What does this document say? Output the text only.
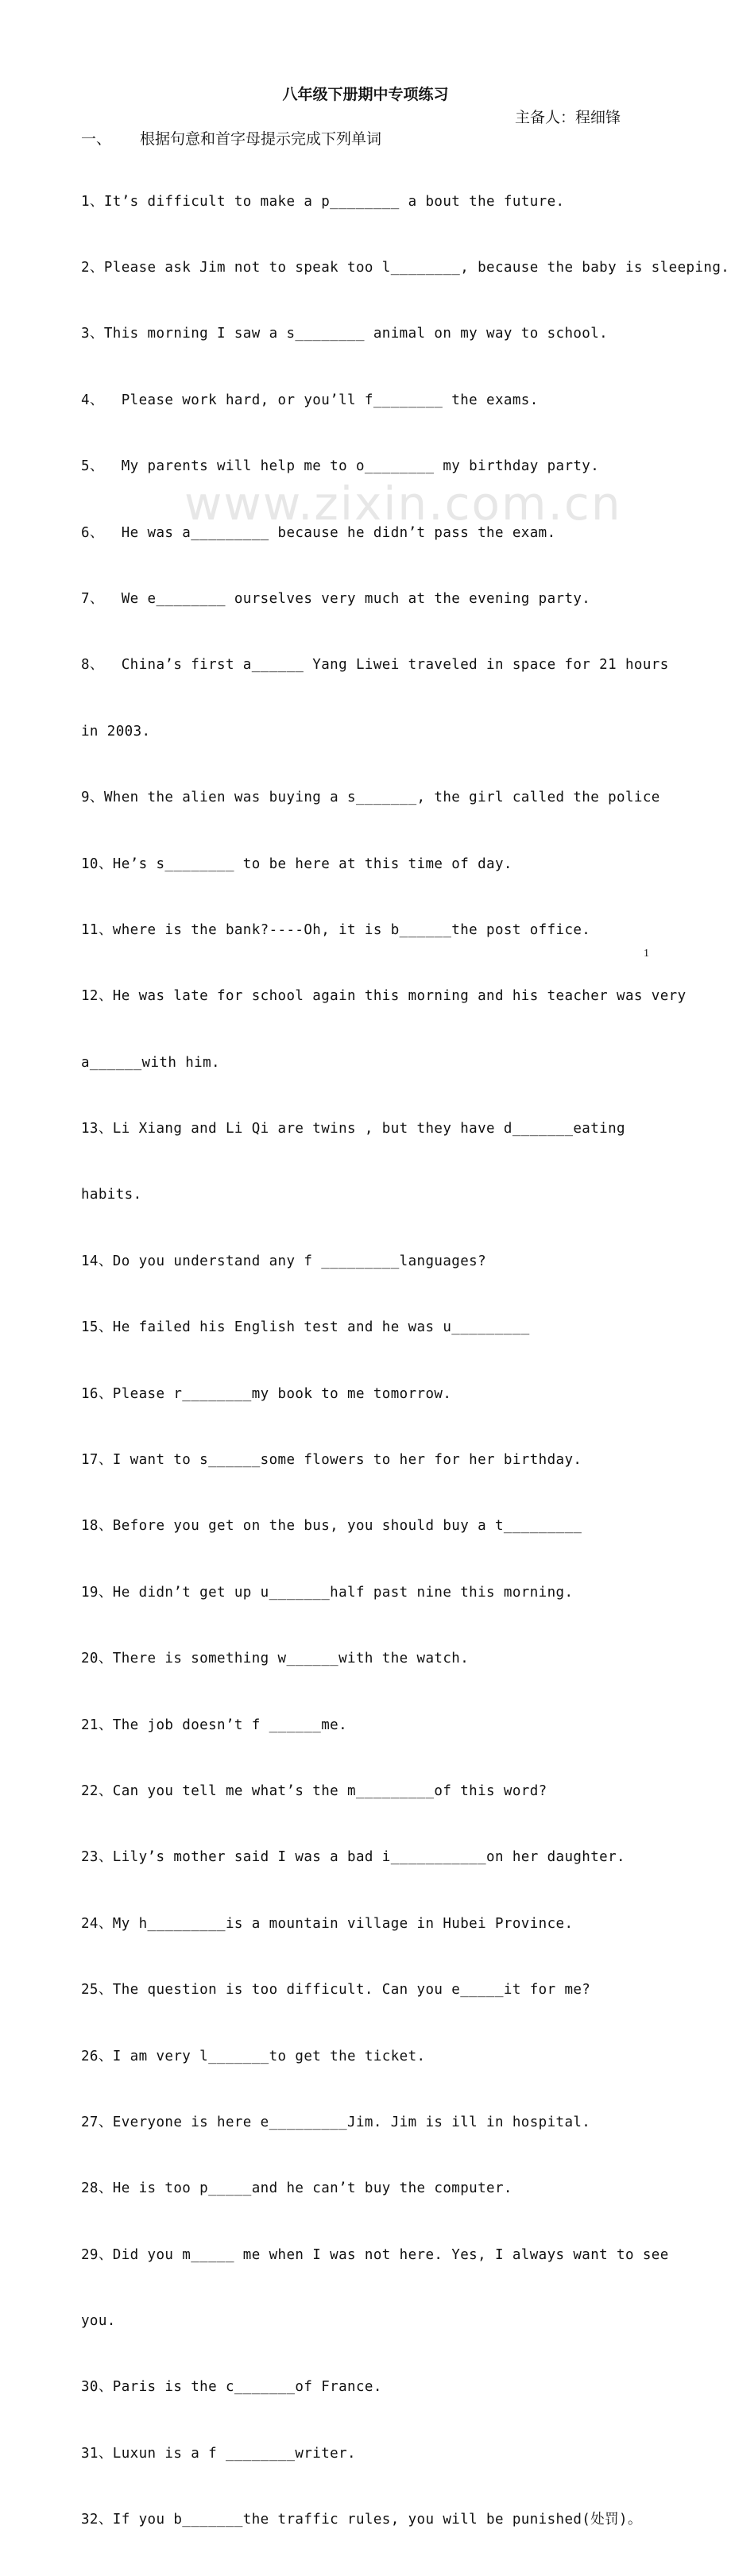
八年级下册期中专项练习
主备人：程细锋
一、 根据句意和首字母提示完成下列单词

1、It’s difficult to make a p________ a bout the future.

2、Please ask Jim not to speak too l________, because the baby is sleeping.

3、This morning I saw a s________ animal on my way to school.

4、  Please work hard, or you’ll f________ the exams.

5、  My parents will help me to o________ my birthday party.

6、  He was a_________ because he didn’t pass the exam.

7、  We e________ ourselves very much at the evening party.

8、  China’s first a______ Yang Liwei traveled in space for 21 hours

in 2003.

9、When the alien was buying a s_______, the girl called the police

10、He’s s________ to be here at this time of day.

11、where is the bank?----Oh, it is b______the post office.

12、He was late for school again this morning and his teacher was very

a______with him.

13、Li Xiang and Li Qi are twins , but they have d_______eating

habits.

14、Do you understand any f _________languages?

15、He failed his English test and he was u_________

16、Please r________my book to me tomorrow.

17、I want to s______some flowers to her for her birthday.

18、Before you get on the bus, you should buy a t_________

19、He didn’t get up u_______half past nine this morning.

20、There is something w______with the watch.

21、The job doesn’t f ______me.

22、Can you tell me what’s the m_________of this word?

23、Lily’s mother said I was a bad i___________on her daughter.

24、My h_________is a mountain village in Hubei Province.

25、The question is too difficult. Can you e_____it for me?

26、I am very l_______to get the ticket.

27、Everyone is here e_________Jim. Jim is ill in hospital.

28、He is too p_____and he can’t buy the computer.

29、Did you m_____ me when I was not here. Yes, I always want to see

you.

30、Paris is the c_______of France.

31、Luxun is a f ________writer.

32、If you b_______the traffic rules, you will be punished(处罚)。

www.zixin.com.cn
1
